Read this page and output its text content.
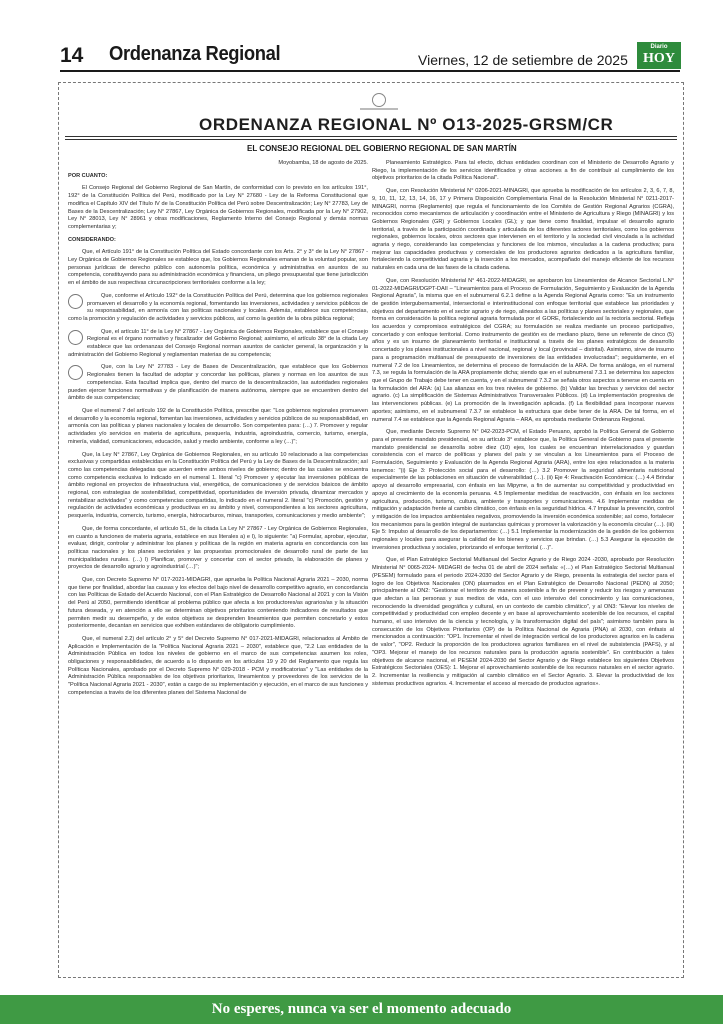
14 Ordenanza Regional	Viernes, 12 de setiembre de 2025
Diario
HOY
ORDENANZA REGIONAL Nº O13-2025-GRSM/CR
EL CONSEJO REGIONAL DEL GOBIERNO REGIONAL DE SAN MARTÍN

Moyobamba, 18 de agosto de 2025.

POR CUANTO:

El Consejo Regional del Gobierno Regional de San Martín, de conformidad con lo previsto en los artículos 191°, 192° de la Constitución Política del Perú, modificado por la Ley N° 27680 - Ley de la Reforma Constitucional que modifica el Capítulo XIV del Título IV de la Constitución Política del Perú sobre Descentralización; Ley N° 27783, Ley de Bases de la Descentralización; Ley N° 27867, Ley Orgánica de Gobiernos Regionales, modificada por la Ley N° 27902, Ley N° 28013, Ley N° 28961 y otras modificaciones, Reglamento Interno del Consejo Regional y demás normas complementarias y;

CONSIDERANDO:

Que, el Artículo 191° de la Constitución Política del Estado concordante con los Arts. 2° y 3° de la Ley N° 27867 - Ley Orgánica de Gobiernos Regionales se establece que, los Gobiernos Regionales emanan de la voluntad popular, son personas jurídicas de derecho público con autonomía política, económica y administrativa en asuntos de su competencia, constituyendo para su administración económica y financiera, un pliego presupuestal que tiene jurisdicción en el ámbito de sus respectivas circunscripciones territoriales conforme a la ley;

Que, conforme el Artículo 192° de la Constitución Política del Perú, determina que los gobiernos regionales promueven el desarrollo y la economía regional, fomentando las inversiones, actividades y servicios públicos de su responsabilidad, en armonía con las políticas nacionales y locales. Además, establece sus competencias, como la promoción y regulación de actividades y servicios públicos, así como la gestión de la obra pública regional;

Que, el artículo 11° de la Ley N° 27867 - Ley Orgánica de Gobiernos Regionales, establece que el Consejo Regional es el órgano normativo y fiscalizador del Gobierno Regional; asimismo, el artículo 38° de la citada Ley establece que las ordenanzas del Consejo Regional norman asuntos de carácter general, la organización y la administración del Gobierno Regional y reglamentan materias de su competencia;

Que, con la Ley N° 27783 - Ley de Bases de Descentralización, que establece que los Gobiernos Regionales tienen la facultad de adoptar y concordar las políticas, planes y normas en los asuntos de sus competencias. Esta facultad implica que, dentro del marco de la descentralización, las autoridades regionales pueden ejercer funciones normativas y de planificación de manera autónoma, siempre que se encuentren dentro del ámbito de sus competencias;

Que el numeral 7 del artículo 192 de la Constitución Política, prescribe que: "Los gobiernos regionales promueven el desarrollo y la economía regional, fomentan las inversiones, actividades y servicios públicos de su responsabilidad, en armonía con las políticas y planes nacionales y locales de desarrollo. Son competentes para: (…) 7. Promover y regular actividades y/o servicios en materia de agricultura, pesquería, industria, agroindustria, comercio, turismo, energía, minería, vialidad, comunicaciones, educación, salud y medio ambiente, conforme a ley (…)";

Que, la Ley N° 27867, Ley Orgánica de Gobiernos Regionales, en su artículo 10 relacionado a las competencias exclusivas y compartidas establecidas en la Constitución Política del Perú y la Ley de Bases de la Descentralización; así como las competencias delegadas que acuerden entre ambos niveles de gobierno; dentro de las cuales se encuentra como competencia exclusiva lo indicado en el numeral 1. literal "c) Promover y ejecutar las inversiones públicas de ámbito regional en proyectos de infraestructura vial, energética, de comunicaciones y de servicios básicos de ámbito regional, con estrategias de sostenibilidad, competitividad, oportunidades de inversión privada, dinamizar mercados y rentabilizar actividades" y como competencias compartidas, lo indicado en el numeral 2. literal "c) Promoción, gestión y regulación de actividades económicas y productivas en su ámbito y nivel, correspondientes a los sectores agricultura, pesquería, industria, comercio, turismo, energía, hidrocarburos, minas, transportes, comunicaciones y medio ambiente";

Que, de forma concordante, el artículo 51, de la citada La Ley N° 27867 - Ley Orgánica de Gobiernos Regionales, en cuanto a funciones de materia agraria, establece en sus literales a) e l), lo siguiente: "a) Formular, aprobar, ejecutar, evaluar, dirigir, controlar y administrar los planes y políticas de la región en materia agraria en concordancia con las políticas nacionales y los planes sectoriales y las propuestas promocionales de desarrollo rural de parte de las municipalidades rurales. (…) l) Planificar, promover y concertar con el sector privado, la elaboración de planes y proyectos de desarrollo agrario y agroindustrial (…)";

Que, con Decreto Supremo N° 017-2021-MIDAGRI, que aprueba la Política Nacional Agraria 2021 – 2030, norma que tiene por finalidad, abordar las causas y los efectos del bajo nivel de desarrollo competitivo agrario, en concordancia con las Políticas de Estado del Acuerdo Nacional, con el Plan Estratégico de Desarrollo Nacional al 2021 y con la Visión del Perú al 2050, permitiendo identificar al problema público que afecta a los productores/as agrarios/as y la situación futura deseada, y en atención a ello se determinan objetivos prioritarios conteniendo indicadores de resultados que permiten medir su desempeño, y de estos objetivos se desprenden lineamientos que permiten concretarlo y estos posteriormente, decantan en servicios que exhiben estándares de obligatorio cumplimiento.

Que, el numeral 2.2) del artículo 2° y 5° del Decreto Supremo N° 017-2021-MIDAGRI, relacionados al Ámbito de Aplicación e Implementación de la "Política Nacional Agraria 2021 – 2030", establece que, "2.2 Las entidades de la Administración Pública en todos los niveles de gobierno en el marco de sus competencias asumen los roles, obligaciones y responsabilidades, de acuerdo a lo dispuesto en los artículos 19 y 20 del Reglamento que regula las Políticas Nacionales, aprobado por el Decreto Supremo N° 029-2018 - PCM y modificatorias" y "Las entidades de la Administración Pública responsables de los objetivos prioritarios, lineamientos y proveedores de los servicios de la "Política Nacional Agraria 2021 - 2030", están a cargo de su implementación y ejecución, en el marco de sus funciones y competencias a través de los diferentes planes del Sistema Nacional de

Planeamiento Estratégico. Para tal efecto, dichas entidades coordinan con el Ministerio de Desarrollo Agrario y Riego, la implementación de los servicios identificados y otras acciones a fin de contribuir al cumplimiento de los objetivos prioritarios de la citada Política Nacional".

Que, con Resolución Ministerial N° 0206-2021-MINAGRI, que aprueba la modificación de los artículos 2, 3, 6, 7, 8, 9, 10, 11, 12, 13, 14, 16, 17 y Primera Disposición Complementaria Final de la Resolución Ministerial N° 0211-2017-MINAGRI, norma (Reglamento) que regula el funcionamiento de los Comités de Gestión Regional Agrarios (CGRA), reconocidos como mecanismos de articulación y coordinación entre el Ministerio de Agricultura y Riego (MINAGRI) y los Gobiernos Regionales (GR) y Gobiernos Locales (GL); y que tiene como finalidad, impulsar el desarrollo agrario territorial, a través de la participación coordinada y articulada de los diferentes actores territoriales, como los gobiernos regionales, gobiernos locales, otros sectores que intervienen en el territorio y la sociedad civil vinculada a la actividad agraria y riego, considerando las competencias y funciones de los mismos, vinculadas a la cadena productiva; para mejorar las capacidades productivas y comerciales de los productores agrarios dedicados a la agricultura familiar, fortaleciendo la competitividad agraria y la inserción a los mercados, acompañado del manejo eficiente de los recursos naturales en cada una de las fases de la citada cadena.

Que, con Resolución Ministerial N° 461-2022-MIDAGRI, se aprobaron los Lineamientos de Alcance Sectorial L.N° 01-2022-MIDAGRI/DGPT-DAII – "Lineamientos para el Proceso de Formulación, Seguimiento y Evaluación de la Agenda Regional Agraria", la misma que en el subnumeral 6.2.1 define a la Agenda Regional Agraria como: "Es un instrumento de gestión intergubernamental, intersectorial e interinstitucional con enfoque territorial que establece las prioridades y objetivos del departamento en el sector agrario y de riego, alineados a las políticas y planes sectoriales y regionales, que forma en consideración la política regional agraria formulada por el GORE, fortaleciendo así la rectoría sectorial. Refleja los acuerdos y compromisos estratégicos del CGRA; su formulación se realiza mediante un proceso participativo, concertado y con enfoque territorial. Como instrumento de gestión es de mediano plazo, tiene un referente de cinco (5) años y es un insumo de planeamiento territorial e institucional a través de los planes estratégicos de desarrollo concertado y los planes institucionales a nivel nacional, regional y local (provincial – distrital). Asimismo, sirve de insumo para a programación multianual de presupuesto de inversiones de las entidades involucradas"; seguidamente, en el numeral 7.2 de los Lineamientos, se determina el proceso de formulación de la ARA. De forma análoga, en el numeral 7.3, se regula la formulación de la ARA propiamente dicha; siendo que en el subnumeral 7.3.1 se determina los aspectos que el Grupo de Trabajo debe tener en cuenta, y en el subnumeral 7.3.2 se señala otros aspectos a tenerse en cuenta en la formulación del ARA: (a) Las alianzas en los tres niveles de gobierno. (b) Validar las brechas y servicios del sector agrario. (c) La simplificación de Sistemas Administrativos Transversales Públicos. (d) La implementación progresiva de las intervenciones públicas. (e) La promoción de la investigación aplicada. (f) La flexibilidad para incorporar nuevos aportes; asimismo, en el subnumeral 7.3.7 se establece la estructura que debe tener de la ARA. De tal forma, en el numeral 7.4 se establece que la Agenda Regional Agraria – ARA, es aprobada mediante Ordenanza Regional.

Que, mediante Decreto Supremo N° 042-2023-PCM, el Estado Peruano, aprobó la Política General de Gobierno para el presente mandato presidencial, en su artículo 3° establece que, la Política General de Gobierno para el presente mandato presidencial se desarrolla sobre diez (10) ejes, los cuales se encuentran interrelacionados y guardan consistencia con el marco de políticas y planes del país y se vinculan a los Lineamientos para el Proceso de Formulación, Seguimiento y Evaluación de la Agenda Regional Agraria (ARA), entre los ejes relacionados a la materia tenemos: "(i) Eje 3: Protección social para el desarrollo: (…) 3.2 Promover la seguridad alimentaria nutricional especialmente de las poblaciones en situación de vulnerabilidad (…). (ii) Eje 4: Reactivación Económica: (…) 4.4 Brindar apoyo al desarrollo empresarial, con énfasis en las Mipyme, a fin de aumentar su competitividad y productividad en apoyo al crecimiento de la economía peruana. 4.5 Implementar medidas de reactivación, con énfasis en los sectores agricultura, producción, turismo, cultura, ambiente y transportes y comunicaciones. 4.6 Implementar medidas de mitigación y adaptación frente al cambio climático, con énfasis en la seguridad hídrica. 4.7 Impulsar la prevención, control y mitigación de los impactos ambientales negativos, promoviendo la inversión económica sostenible; así como, fortalecer los mecanismos para la gestión integral de sustancias químicas y promover la valorización y la economía circular (…). (iii) Eje 5: Impulso al desarrollo de los departamentos: (…) 5.1 Implementar la modernización de la gestión de los gobiernos regionales y locales para asegurar la calidad de los bienes y servicios que brindan. (…) 5.3 Asegurar la ejecución de inversiones productivas y sociales, priorizando el enfoque territorial (…)".

Que, el Plan Estratégico Sectorial Multianual del Sector Agrario y de Riego 2024 -2030, aprobado por Resolución Ministerial N° 0065-2024- MIDAGRI de fecha 01 de abril de 2024 señala: «(…) el Plan Estratégico Sectorial Multianual (PESEM) formulado para el periodo 2024-2030 del Sector Agrario y de Riego, presenta la estrategia del sector para el logro de los Objetivos Nacionales (ON) plasmados en el Plan Estratégico de Desarrollo Nacional (PEDN) al 2050; principalmente al ON2: "Gestionar el territorio de manera sostenible a fin de prevenir y reducir los riesgos y amenazas que afectan a las personas y sus medios de vida, con el uso intensivo del conocimiento y las comunicaciones, reconociendo la diversidad geográfica y cultural, en un contexto de cambio climático", y al ON3: "Elevar los niveles de competitividad y productividad con empleo decente y en base al aprovechamiento sostenible de los recursos, el capital humano, el uso intensivo de la ciencia y tecnología, y la transformación digital del país"; asimismo también para la consecución de los Objetivos Prioritarios (OP) de la Política Nacional de Agraria (PNA) al 2030, con énfasis al mencionados a continuación: "OP1. Incrementar el nivel de integración vertical de los productores agrarios en la cadena de valor", "OP2. Reducir la proporción de los productores agrarios familiares en el nivel de subsistencia (PAFS), y al "OP3. Mejorar el manejo de los recursos naturales para la producción agraria sostenible". En contribución a tales objetivos de alcance nacional, el PESEM 2024-2030 del Sector Agrario y de Riego establece los siguientes Objetivos Estratégicos Sectoriales (OES): 1. Mejorar el aprovechamiento sostenible de los recursos naturales en el sector agrario. 2. Incrementar la resiliencia y mitigación al cambio climático en el Sector Agrario. 3. Elevar la productividad de los sistemas productivos agrarios. 4. Incrementar el acceso al mercado de productos agrarios».

No esperes, nunca va ser el momento adecuado
